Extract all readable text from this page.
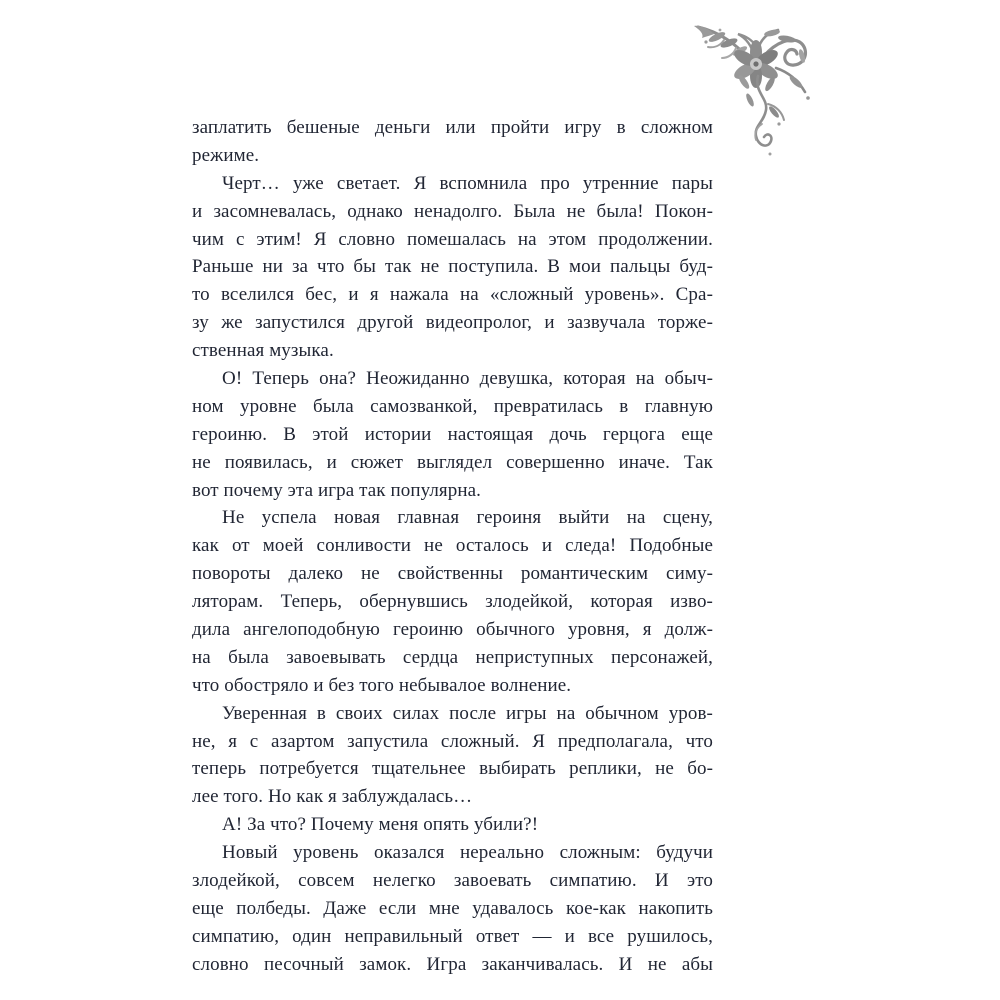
заплатить бешеные деньги или пройти игру в сложном
режиме.
Черт… уже светает. Я вспомнила про утренние пары
и засомневалась, однако ненадолго. Была не была! Покон-
чим с этим! Я словно помешалась на этом продолжении.
Раньше ни за что бы так не поступила. В мои пальцы буд-
то вселился бес, и я нажала на «сложный уровень». Сра-
зу же запустился другой видеопролог, и зазвучала торже-
ственная музыка.
О! Теперь она? Неожиданно девушка, которая на обыч-
ном уровне была самозванкой, превратилась в главную
героиню. В этой истории настоящая дочь герцога еще
не появилась, и сюжет выглядел совершенно иначе. Так
вот почему эта игра так популярна.
Не успела новая главная героиня выйти на сцену,
как от моей сонливости не осталось и следа! Подобные
повороты далеко не свойственны романтическим симу-
ляторам. Теперь, обернувшись злодейкой, которая изво-
дила ангелоподобную героиню обычного уровня, я долж-
на была завоевывать сердца неприступных персонажей,
что обостряло и без того небывалое волнение.
Уверенная в своих силах после игры на обычном уров-
не, я с азартом запустила сложный. Я предполагала, что
теперь потребуется тщательнее выбирать реплики, не бо-
лее того. Но как я заблуждалась…
А! За что? Почему меня опять убили?!
Новый уровень оказался нереально сложным: будучи
злодейкой, совсем нелегко завоевать симпатию. И это
еще полбеды. Даже если мне удавалось кое-как накопить
симпатию, один неправильный ответ — и все рушилось,
словно песочный замок. Игра заканчивалась. И не абы
